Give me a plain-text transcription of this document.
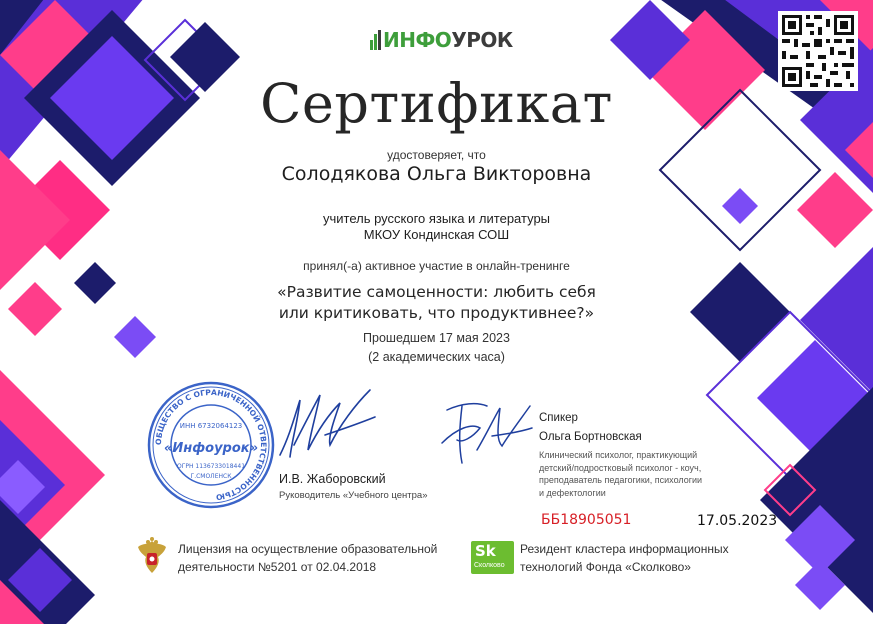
ИНФО УРОК

Сертификат

удостоверяет, что

Солодякова Ольга Викторовна

учитель русского языка и литературы

МКОУ Кондинская СОШ

принял(-а) активное участие в онлайн-тренинге

«Развитие самоценности: любить себя

или критиковать, что продуктивнее?»

Прошедшем 17 мая 2023

(2 академических часа)

ОБЩЕСТВО С ОГРАНИЧЕННОЙ ОТВЕТСТВЕННОСТЬЮ
ИНН 6732064123
«Инфоурок»
ОГРН 1136733018441
Г.СМОЛЕНСК	И.В. Жаборовский

Руководитель «Учебного центра»

Спикер

Ольга Бортновская

Клинический психолог, практикующий
детский/подростковый психолог - коуч,
преподаватель педагогики, психологии
и дефектологии

ББ18905051	17.05.2023

Лицензия на осуществление образовательной
деятельности №5201 от 02.04.2018
Sk
Сколково
Резидент кластера информационных
технологий Фонда «Сколково»
